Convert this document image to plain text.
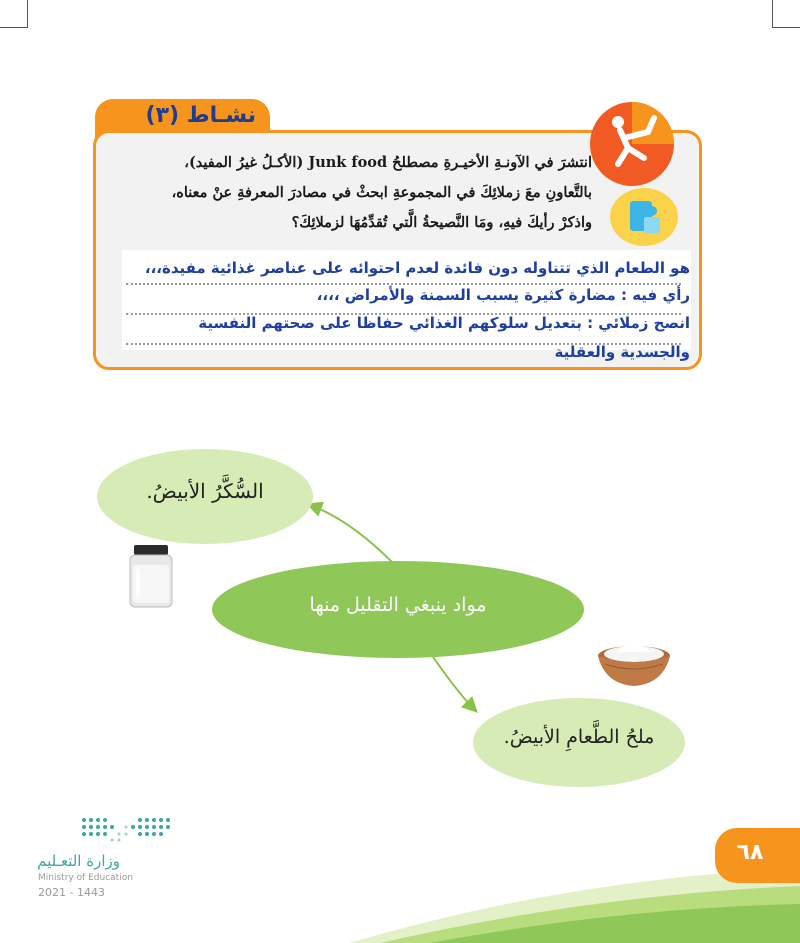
نشـاط (٣)
انتشرَ في الآونـةِ الأخيـرةِ مصطلحُ Junk food (الأكـلُ غيرُ المفيد)،
بالتَّعاونِ معَ زملائِكَ في المجموعةِ ابحثْ في مصادرَ المعرفةِ عنْ معناه،
واذكرْ رأيكَ فيهِ، ومَا النَّصيحةُ الَّتي تُقدِّمُهَا لزملائِكَ؟
هو الطعام الذي تتناوله دون فائدة لعدم احتوائه على عناصر غذائية مفيدة،،،
رأي فيه : مضارة كثيرة يسبب السمنة والأمراض ،،،،
انصح زملائي : بتعديل سلوكهم الغذائي حفاظا على صحتهم النفسية
والجسدية والعقلية
السُّكَّرُ الأبيضُ.
مواد ينبغي التقليل منها
ملحُ الطَّعامِ الأبيضُ.
وزارة التعـليم
Ministry of Education
2021 - 1443
٦٨
